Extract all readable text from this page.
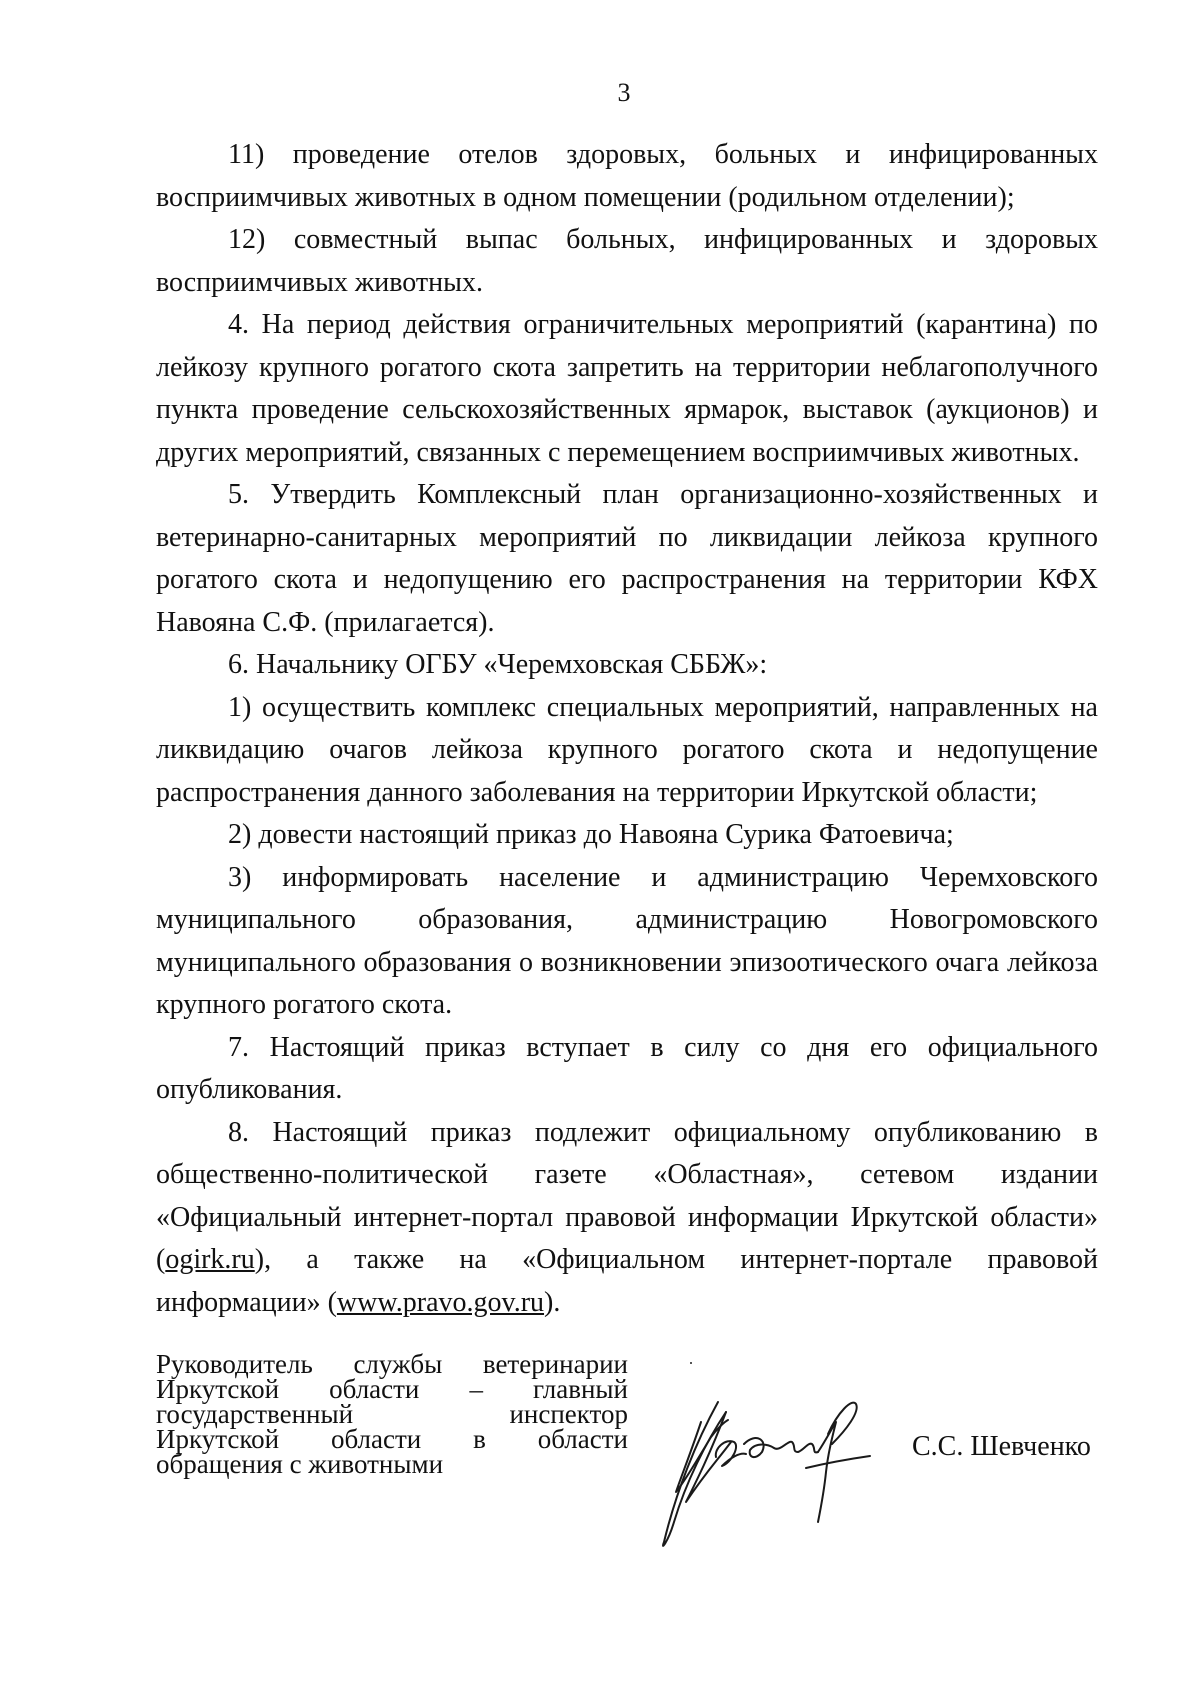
3

11) проведение отелов здоровых, больных и инфицированных восприимчивых животных в одном помещении (родильном отделении);

12) совместный выпас больных, инфицированных и здоровых восприимчивых животных.

4. На период действия ограничительных мероприятий (карантина) по лейкозу крупного рогатого скота запретить на территории неблагополучного пункта проведение сельскохозяйственных ярмарок, выставок (аукционов) и других мероприятий, связанных с перемещением восприимчивых животных.

5. Утвердить Комплексный план организационно-хозяйственных и ветеринарно-санитарных мероприятий по ликвидации лейкоза крупного рогатого скота и недопущению его распространения на территории КФХ Навояна С.Ф. (прилагается).

6. Начальнику ОГБУ «Черемховская СББЖ»:

1) осуществить комплекс специальных мероприятий, направленных на ликвидацию очагов лейкоза крупного рогатого скота и недопущение распространения данного заболевания на территории Иркутской области;

2) довести настоящий приказ до Навояна Сурика Фатоевича;

3) информировать население и администрацию Черемховского муниципального образования, администрацию Новогромовского муниципального образования о возникновении эпизоотического очага лейкоза крупного рогатого скота.

7. Настоящий приказ вступает в силу со дня его официального опубликования.

8. Настоящий приказ подлежит официальному опубликованию в общественно-политической газете «Областная», сетевом издании «Официальный интернет-портал правовой информации Иркутской области» (ogirk.ru), а также на «Официальном интернет-портале правовой информации» (www.pravo.gov.ru).

Руководитель службы ветеринарии
Иркутской области – главный
государственный инспектор
Иркутской области в области
обращения с животными
С.С. Шевченко
